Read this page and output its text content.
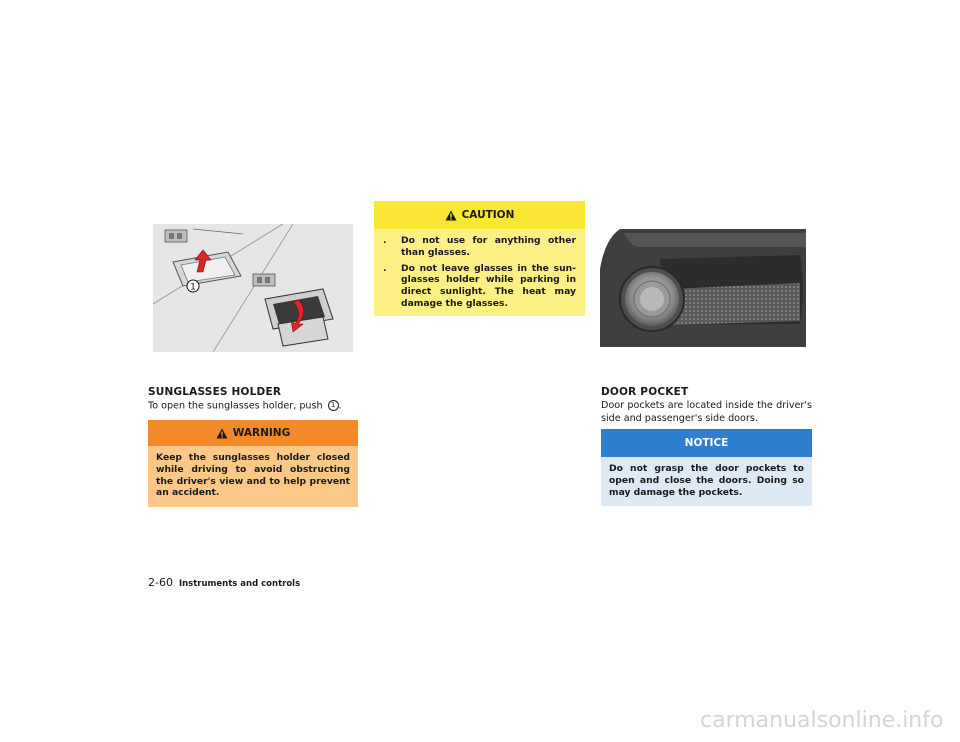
1
SUNGLASSES HOLDER
To open the sunglasses holder, push 1 .
WARNING
Keep the sunglasses holder closed while driving to avoid obstructing the driver's view and to help prevent an accident.
CAUTION
.	Do not use for anything other than glasses.
.	Do not leave glasses in the sun-glasses holder while parking in direct sunlight. The heat may damage the glasses.
DOOR POCKET
Door pockets are located inside the driver's side and passenger's side doors.
NOTICE
Do not grasp the door pockets to open and close the doors. Doing so may damage the pockets.
2-60 Instruments and controls
carmanualsonline.info
